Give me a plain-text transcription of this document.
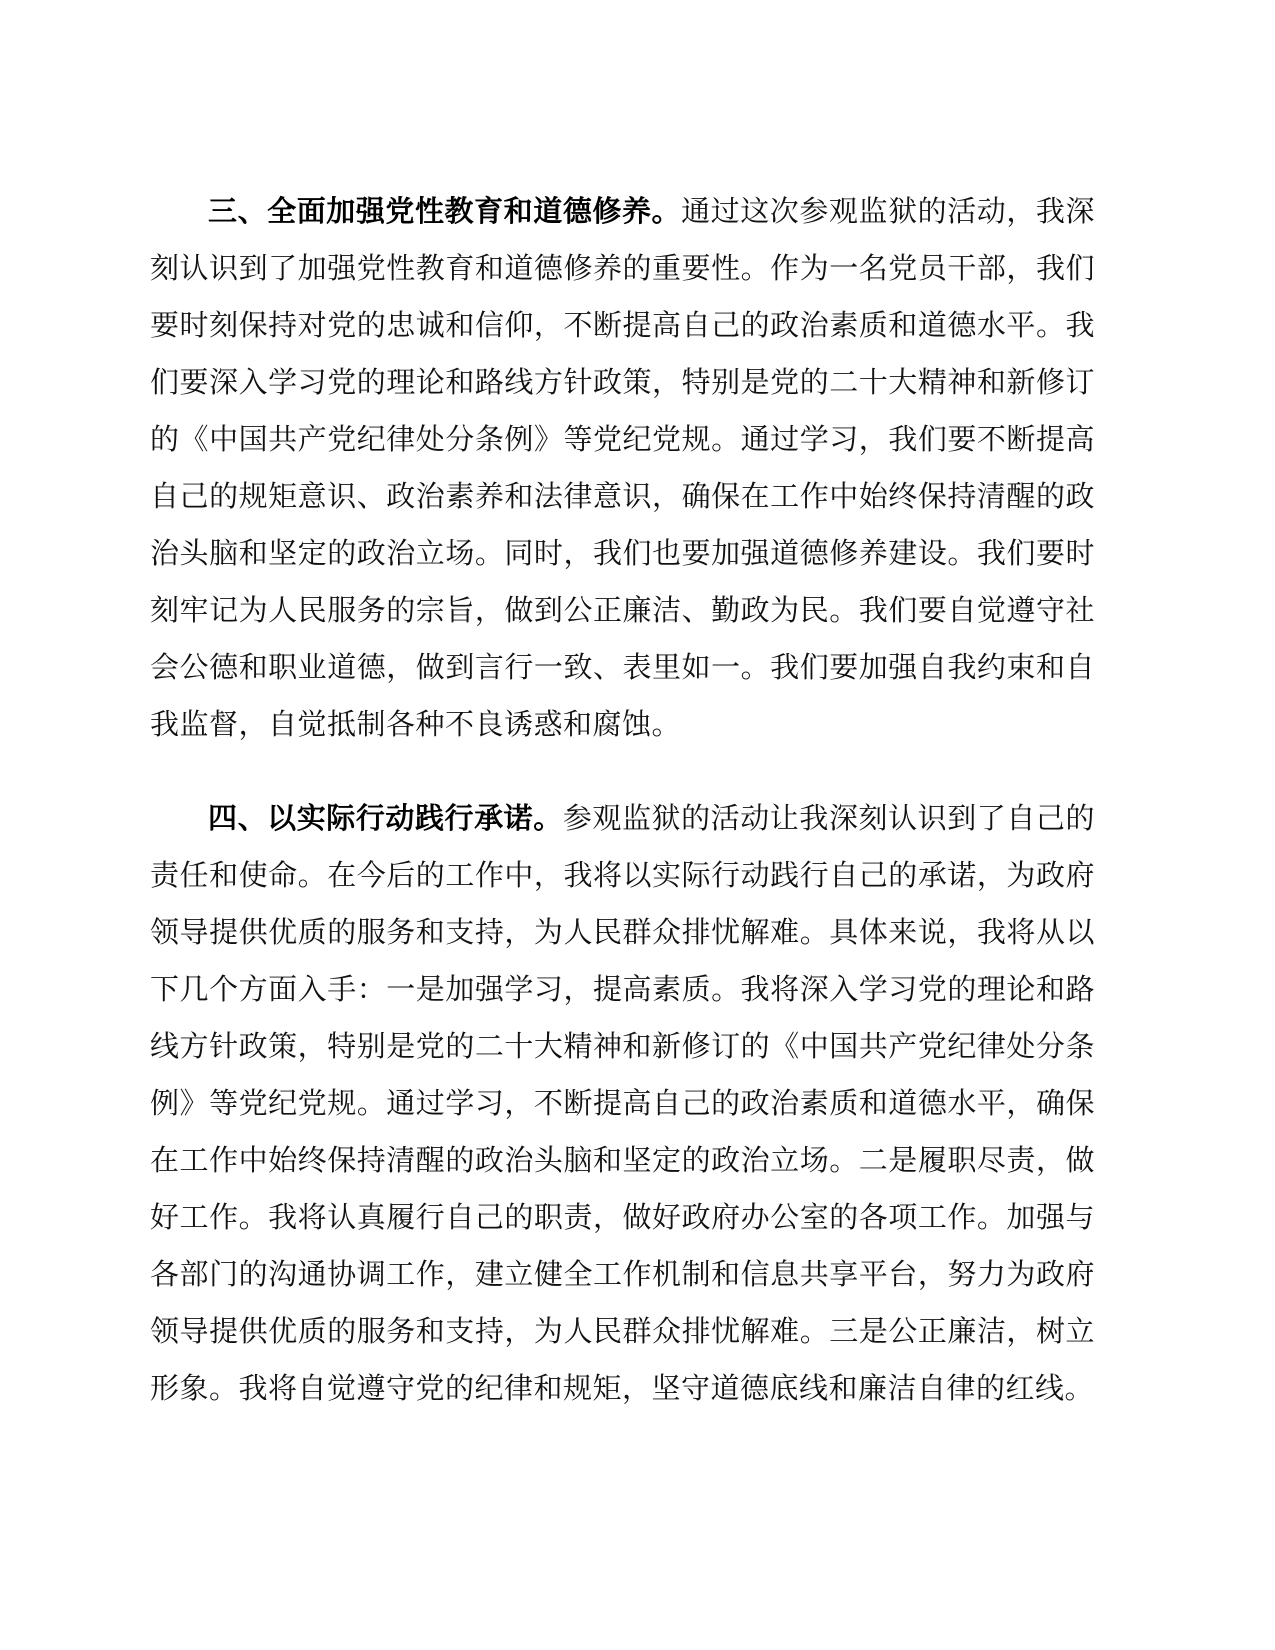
三、全面加强党性教育和道德修养。通过这次参观监狱的活动，我深刻认识到了加强党性教育和道德修养的重要性。作为一名党员干部，我们要时刻保持对党的忠诚和信仰，不断提高自己的政治素质和道德水平。我们要深入学习党的理论和路线方针政策，特别是党的二十大精神和新修订的《中国共产党纪律处分条例》等党纪党规。通过学习，我们要不断提高自己的规矩意识、政治素养和法律意识，确保在工作中始终保持清醒的政治头脑和坚定的政治立场。同时，我们也要加强道德修养建设。我们要时刻牢记为人民服务的宗旨，做到公正廉洁、勤政为民。我们要自觉遵守社会公德和职业道德，做到言行一致、表里如一。我们要加强自我约束和自我监督，自觉抵制各种不良诱惑和腐蚀。

四、以实际行动践行承诺。参观监狱的活动让我深刻认识到了自己的责任和使命。在今后的工作中，我将以实际行动践行自己的承诺，为政府领导提供优质的服务和支持，为人民群众排忧解难。具体来说，我将从以下几个方面入手：一是加强学习，提高素质。我将深入学习党的理论和路线方针政策，特别是党的二十大精神和新修订的《中国共产党纪律处分条例》等党纪党规。通过学习，不断提高自己的政治素质和道德水平，确保在工作中始终保持清醒的政治头脑和坚定的政治立场。二是履职尽责，做好工作。我将认真履行自己的职责，做好政府办公室的各项工作。加强与各部门的沟通协调工作，建立健全工作机制和信息共享平台，努力为政府领导提供优质的服务和支持，为人民群众排忧解难。三是公正廉洁，树立形象。我将自觉遵守党的纪律和规矩，坚守道德底线和廉洁自律的红线。
